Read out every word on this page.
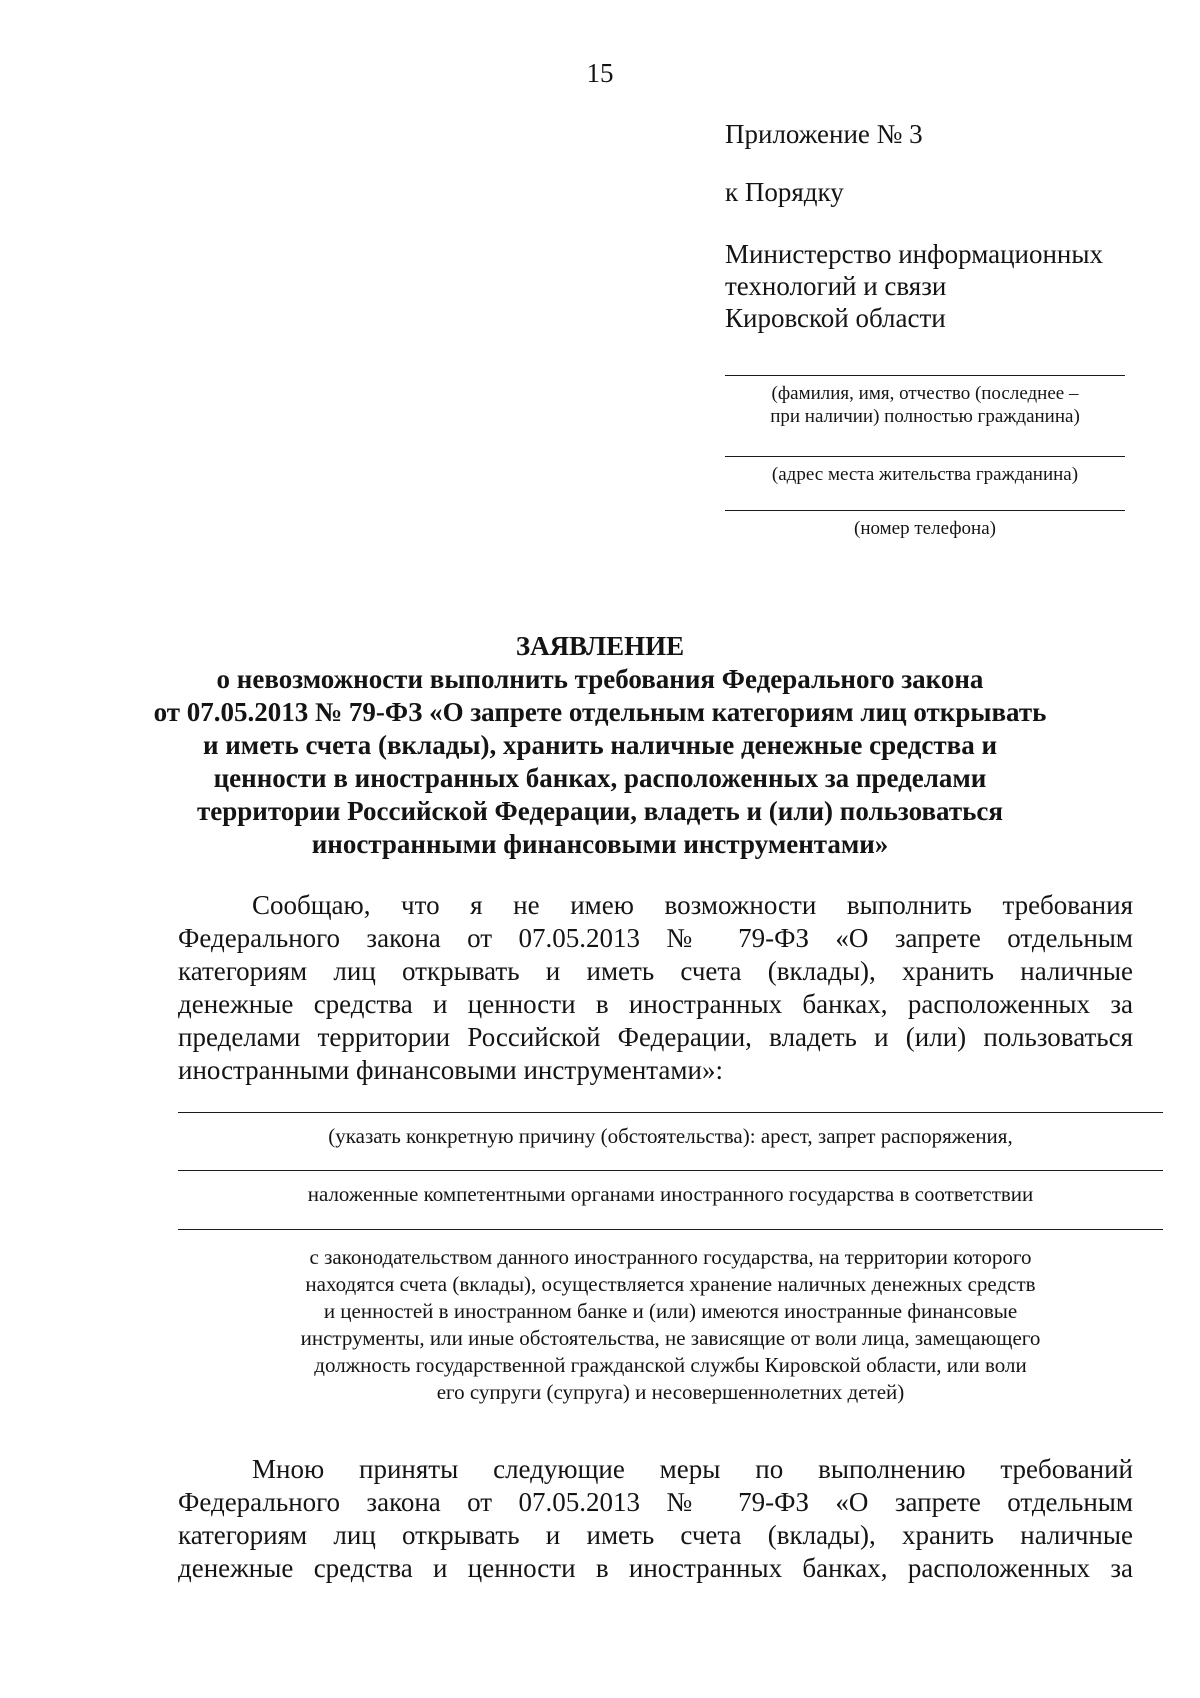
15
Приложение № 3
к Порядку
Министерство информационных
технологий и связи
Кировской области
(фамилия, имя, отчество (последнее –
при наличии) полностью гражданина)
(адрес места жительства гражданина)
(номер телефона)
ЗАЯВЛЕНИЕ
о невозможности выполнить требования Федерального закона
от 07.05.2013 № 79-ФЗ «О запрете отдельным категориям лиц открывать
и иметь счета (вклады), хранить наличные денежные средства и
ценности в иностранных банках, расположенных за пределами
территории Российской Федерации, владеть и (или) пользоваться
иностранными финансовыми инструментами»
Сообщаю, что я не имею возможности выполнить требования
Федерального закона от 07.05.2013 № 79-ФЗ «О запрете отдельным
категориям лиц открывать и иметь счета (вклады), хранить наличные
денежные средства и ценности в иностранных банках, расположенных за
пределами территории Российской Федерации, владеть и (или) пользоваться
иностранными финансовыми инструментами»:
(указать конкретную причину (обстоятельства): арест, запрет распоряжения,
наложенные компетентными органами иностранного государства в соответствии
с законодательством данного иностранного государства, на территории которого
находятся счета (вклады), осуществляется хранение наличных денежных средств
и ценностей в иностранном банке и (или) имеются иностранные финансовые
инструменты, или иные обстоятельства, не зависящие от воли лица, замещающего
должность государственной гражданской службы Кировской области, или воли
его супруги (супруга) и несовершеннолетних детей)
Мною приняты следующие меры по выполнению требований
Федерального закона от 07.05.2013 № 79-ФЗ «О запрете отдельным
категориям лиц открывать и иметь счета (вклады), хранить наличные
денежные средства и ценности в иностранных банках, расположенных за
